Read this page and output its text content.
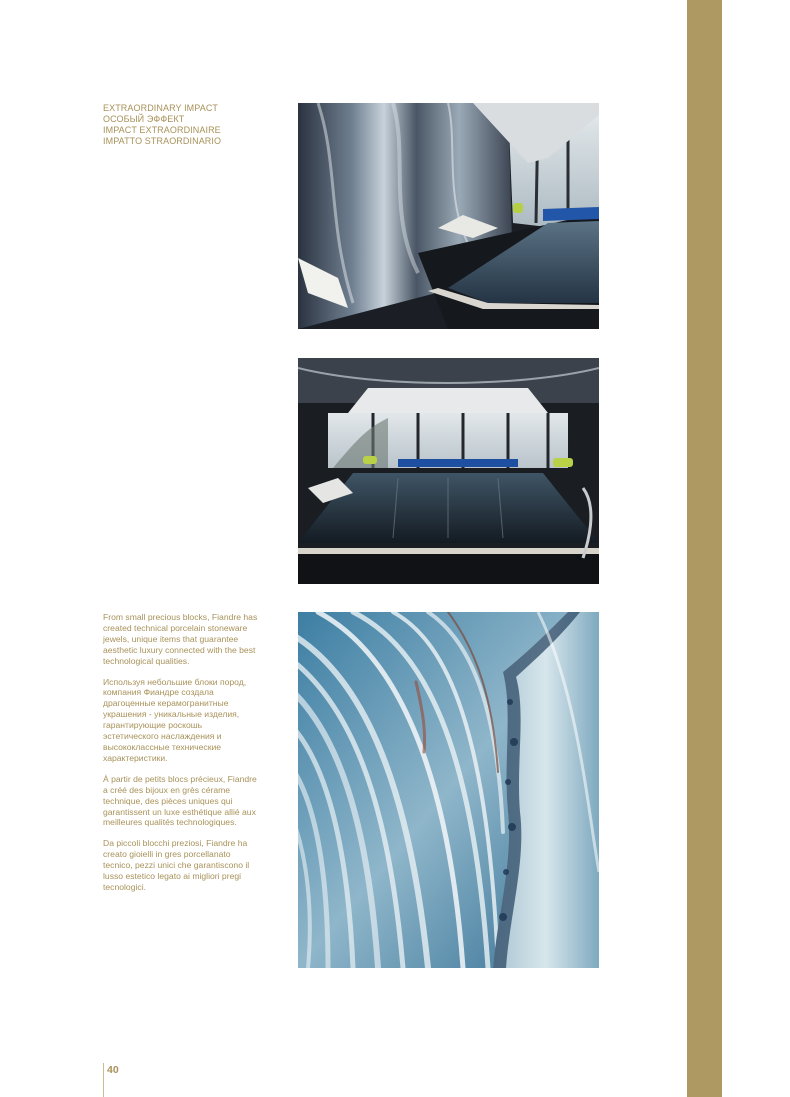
EXTRAORDINARY IMPACT
ОСОБЫЙ ЭФФЕКТ
IMPACT EXTRAORDINAIRE
IMPATTO STRAORDINARIO

From small precious blocks, Fiandre has created technical porcelain stoneware jewels, unique items that guarantee aesthetic luxury connected with the best technological qualities.

Используя небольшие блоки пород, компания Фиандре создала драгоценные керамогранитные украшения - уникальные изделия, гарантирующие роскошь эстетического наслаждения и высококлассные технические характеристики.

À partir de petits blocs précieux, Fiandre a créé des bijoux en grès cérame technique, des pièces uniques qui garantissent un luxe esthétique allié aux meilleures qualités technologiques.

Da piccoli blocchi preziosi, Fiandre ha creato gioielli in gres porcellanato tecnico, pezzi unici che garantiscono il lusso estetico legato ai migliori pregi tecnologici.

40
